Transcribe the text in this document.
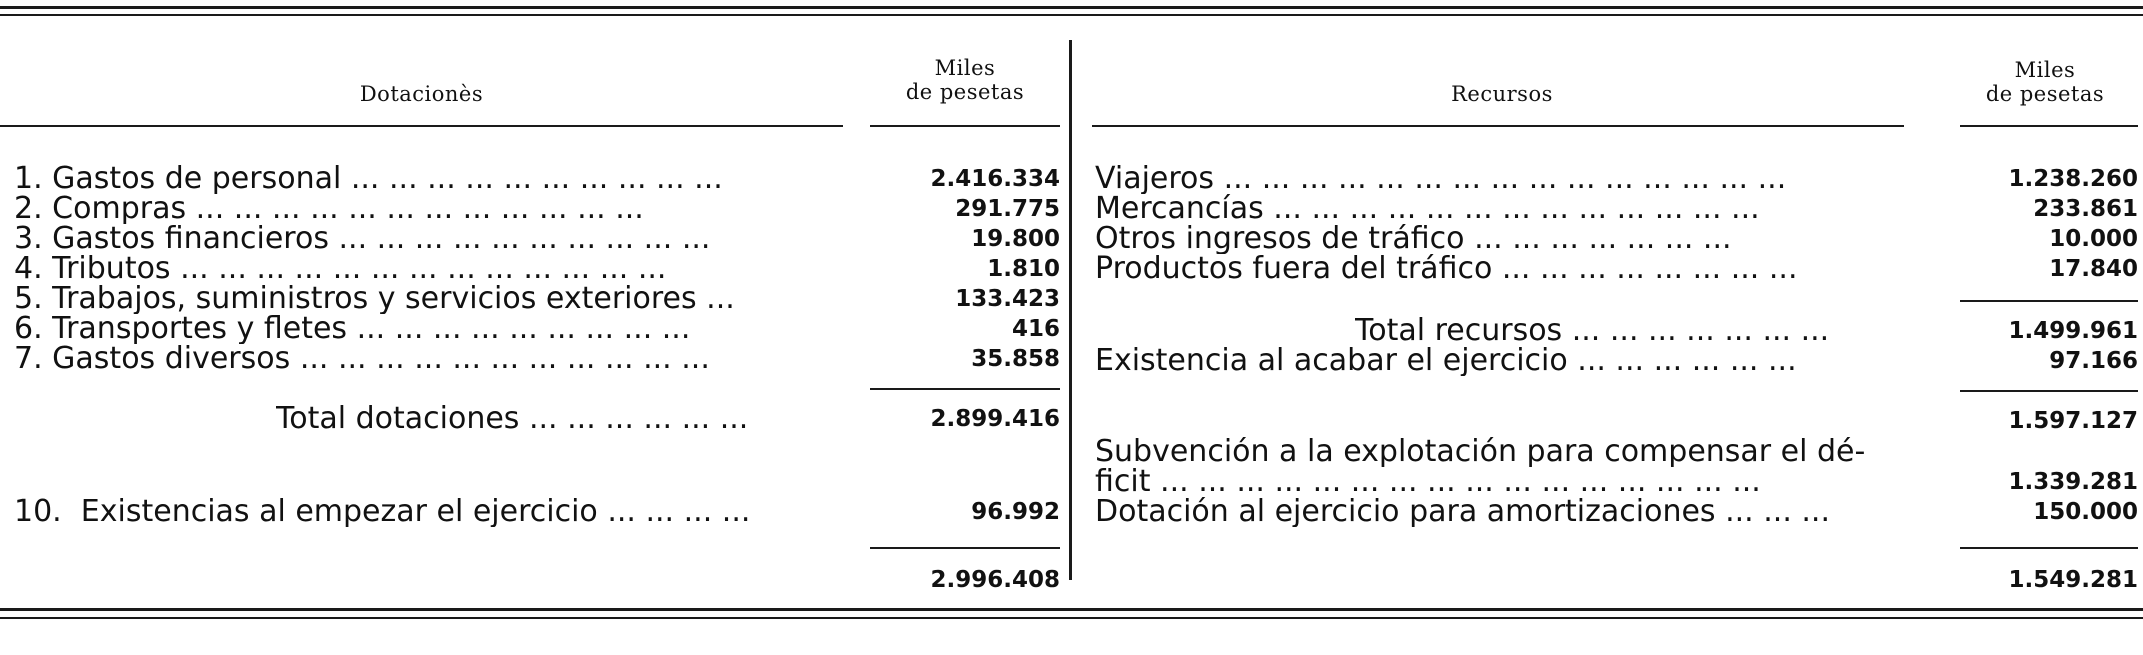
Dotacionès
Miles
de pesetas
1. Gastos de personal ... ... ... ... ... ... ... ... ... ...	2.416.334
2. Compras ... ... ... ... ... ... ... ... ... ... ... ...	291.775
3. Gastos financieros ... ... ... ... ... ... ... ... ... ...	19.800
4. Tributos ... ... ... ... ... ... ... ... ... ... ... ... ...	1.810
5. Trabajos, suministros y servicios exteriores ...	133.423
6. Transportes y fletes ... ... ... ... ... ... ... ... ...	416
7. Gastos diversos ... ... ... ... ... ... ... ... ... ... ...	35.858
Total dotaciones ... ... ... ... ... ...	2.899.416
10. Existencias al empezar el ejercicio ... ... ... ...	96.992
2.996.408
Recursos
Miles
de pesetas
Viajeros ... ... ... ... ... ... ... ... ... ... ... ... ... ... ...	1.238.260
Mercancías ... ... ... ... ... ... ... ... ... ... ... ... ...	233.861
Otros ingresos de tráfico ... ... ... ... ... ... ...	10.000
Productos fuera del tráfico ... ... ... ... ... ... ... ...	17.840
Total recursos ... ... ... ... ... ... ...	1.499.961
Existencia al acabar el ejercicio ... ... ... ... ... ...	97.166
1.597.127
Subvención a la explotación para compensar el dé-
ficit ... ... ... ... ... ... ... ... ... ... ... ... ... ... ... ...	1.339.281
Dotación al ejercicio para amortizaciones ... ... ...	150.000
1.549.281
